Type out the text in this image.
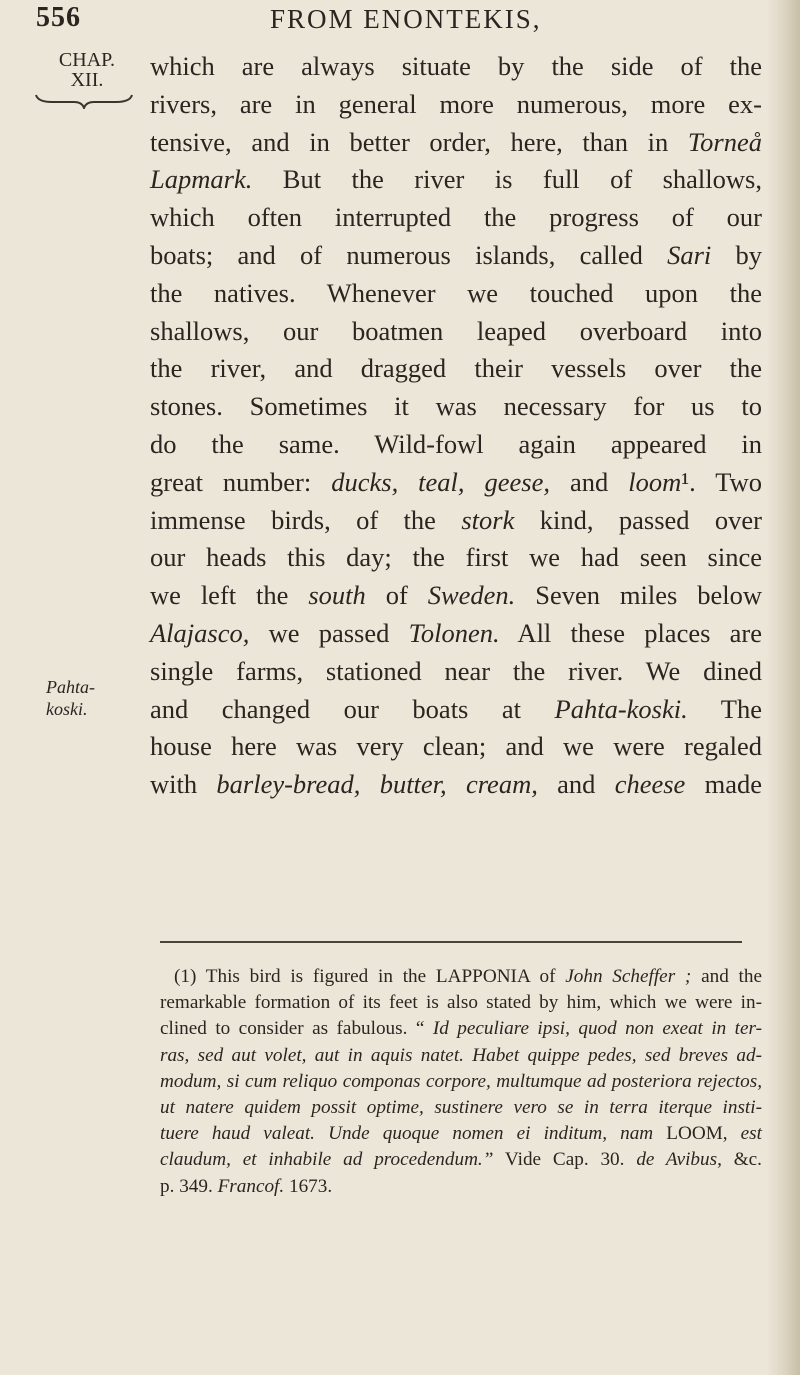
556	FROM ENONTEKIS,
CHAP.
XII.
Pahta-
koski.
which are always situate by the side of the
rivers, are in general more numerous, more ex-
tensive, and in better order, here, than in Torneå
Lapmark. But the river is full of shallows,
which often interrupted the progress of our
boats; and of numerous islands, called Sari by
the natives. Whenever we touched upon the
shallows, our boatmen leaped overboard into
the river, and dragged their vessels over the
stones. Sometimes it was necessary for us to
do the same. Wild-fowl again appeared in
great number: ducks, teal, geese, and loom¹. Two
immense birds, of the stork kind, passed over
our heads this day; the first we had seen since
we left the south of Sweden. Seven miles below
Alajasco, we passed Tolonen. All these places are
single farms, stationed near the river. We dined
and changed our boats at Pahta-koski. The
house here was very clean; and we were regaled
with barley-bread, butter, cream, and cheese made
(1) This bird is figured in the LAPPONIA of John Scheffer ; and the
remarkable formation of its feet is also stated by him, which we were in-
clined to consider as fabulous. “ Id peculiare ipsi, quod non exeat in ter-
ras, sed aut volet, aut in aquis natet. Habet quippe pedes, sed breves ad-
modum, si cum reliquo componas corpore, multumque ad posteriora rejectos,
ut natere quidem possit optime, sustinere vero se in terra iterque insti-
tuere haud valeat. Unde quoque nomen ei inditum, nam LOOM, est
claudum, et inhabile ad procedendum.” Vide Cap. 30. de Avibus, &c.
p. 349. Francof. 1673.
